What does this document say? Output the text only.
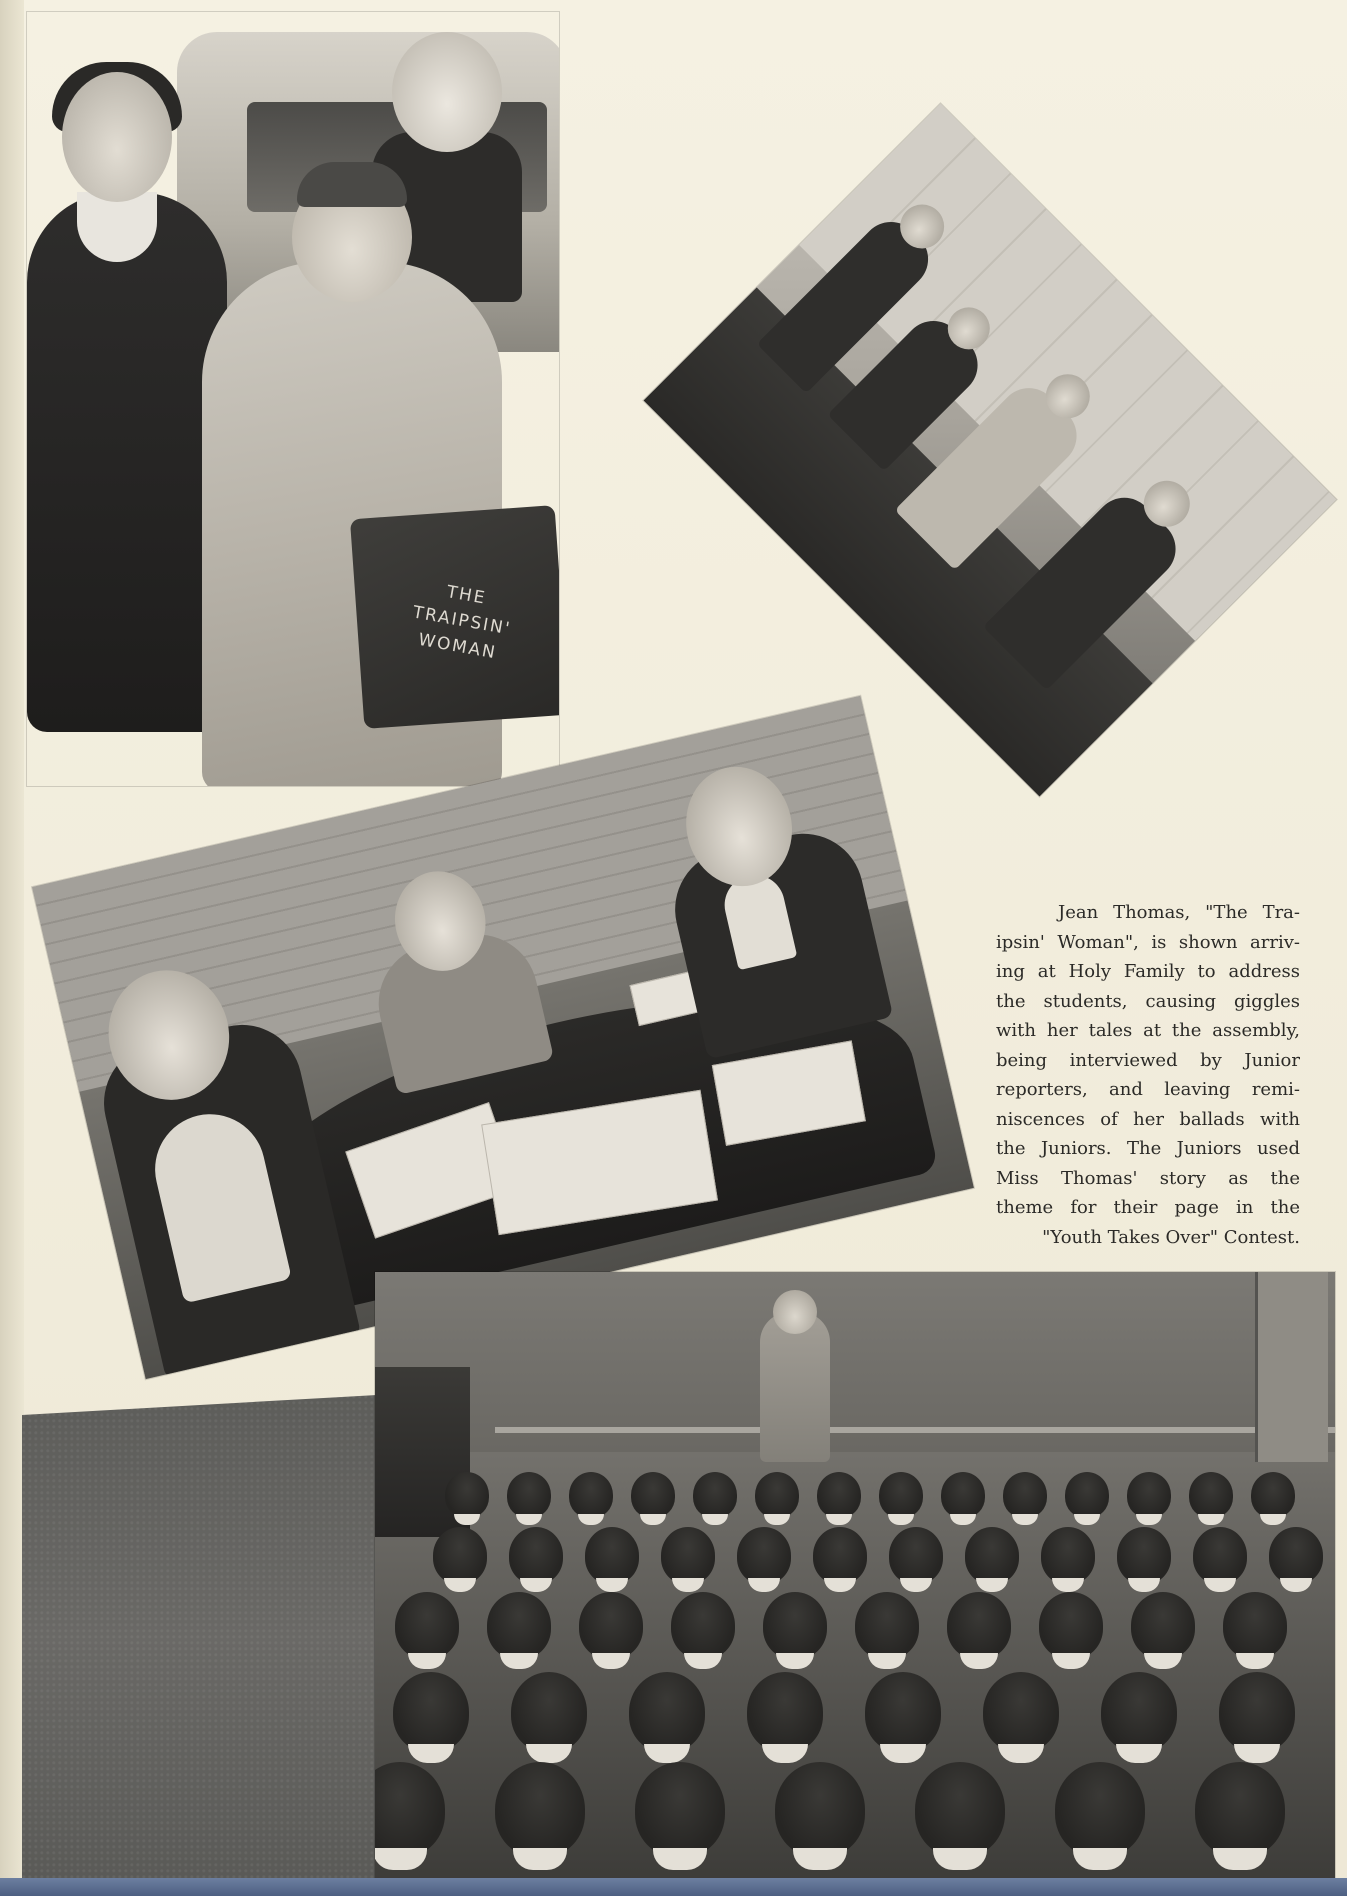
THE
TRAIPSIN'
WOMAN
Jean Thomas, "The Tra-
ipsin' Woman", is shown arriv-
ing at Holy Family to address
the students, causing giggles
with her tales at the assembly,
being interviewed by Junior
reporters, and leaving remi-
niscences of her ballads with
the Juniors. The Juniors used
Miss Thomas' story as the
theme for their page in the
"Youth Takes Over" Contest.
